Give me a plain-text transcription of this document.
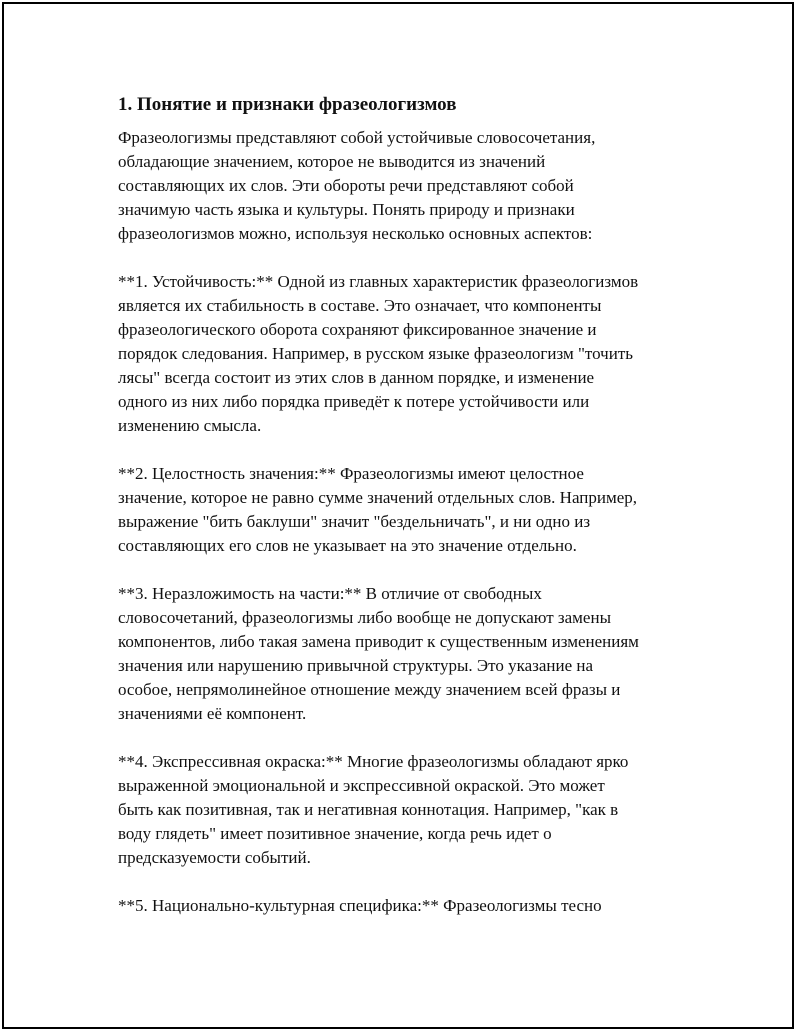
1. Понятие и признаки фразеологизмов

Фразеологизмы представляют собой устойчивые словосочетания,
обладающие значением, которое не выводится из значений
составляющих их слов. Эти обороты речи представляют собой
значимую часть языка и культуры. Понять природу и признаки
фразеологизмов можно, используя несколько основных аспектов:

**1. Устойчивость:** Одной из главных характеристик фразеологизмов
является их стабильность в составе. Это означает, что компоненты
фразеологического оборота сохраняют фиксированное значение и
порядок следования. Например, в русском языке фразеологизм "точить
лясы" всегда состоит из этих слов в данном порядке, и изменение
одного из них либо порядка приведёт к потере устойчивости или
изменению смысла.

**2. Целостность значения:** Фразеологизмы имеют целостное
значение, которое не равно сумме значений отдельных слов. Например,
выражение "бить баклуши" значит "бездельничать", и ни одно из
составляющих его слов не указывает на это значение отдельно.

**3. Неразложимость на части:** В отличие от свободных
словосочетаний, фразеологизмы либо вообще не допускают замены
компонентов, либо такая замена приводит к существенным изменениям
значения или нарушению привычной структуры. Это указание на
особое, непрямолинейное отношение между значением всей фразы и
значениями её компонент.

**4. Экспрессивная окраска:** Многие фразеологизмы обладают ярко
выраженной эмоциональной и экспрессивной окраской. Это может
быть как позитивная, так и негативная коннотация. Например, "как в
воду глядеть" имеет позитивное значение, когда речь идет о
предсказуемости событий.

**5. Национально-культурная специфика:** Фразеологизмы тесно
